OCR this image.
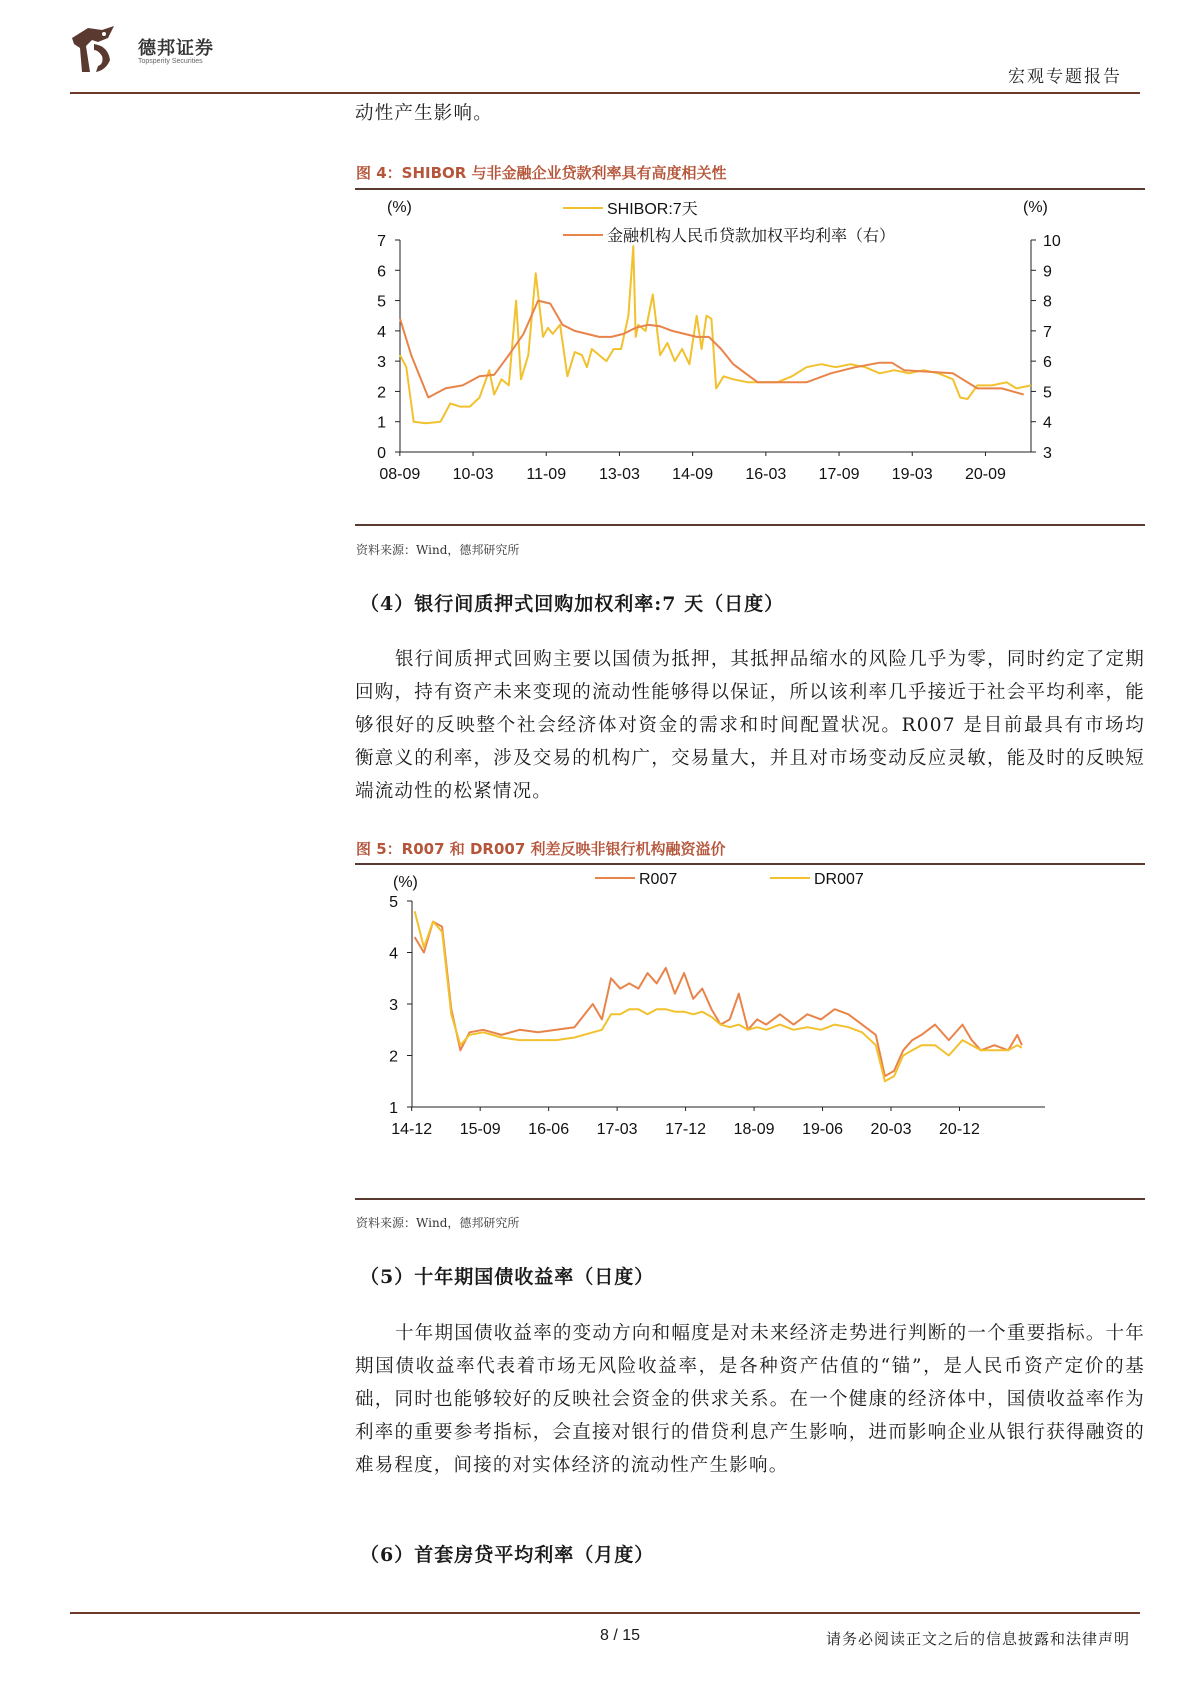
德邦证券
Topsperity Securities
宏观专题报告
动性产生影响。
图 4：SHIBOR 与非金融企业贷款利率具有高度相关性
0
1
2
3
4
5
6
7
3
4
5
6
7
8
9
10
08-09 10-03 11-09 13-03 14-09 16-03 17-09 19-03 20-09
(%)	(%)
SHIBOR:7天
金融机构人民币贷款加权平均利率（右）
资料来源：Wind，德邦研究所
（4）银行间质押式回购加权利率:7 天（日度）
银行间质押式回购主要以国债为抵押，其抵押品缩水的风险几乎为零，同时约定了定期回购，持有资产未来变现的流动性能够得以保证，所以该利率几乎接近于社会平均利率，能够很好的反映整个社会经济体对资金的需求和时间配置状况。R007 是目前最具有市场均衡意义的利率，涉及交易的机构广，交易量大，并且对市场变动反应灵敏，能及时的反映短端流动性的松紧情况。
图 5：R007 和 DR007 利差反映非银行机构融资溢价
1
2
3
4
5
14-12 15-09 16-06 17-03 17-12 18-09 19-06 20-03 20-12
(%)	R007	DR007
资料来源：Wind，德邦研究所
（5）十年期国债收益率（日度）
十年期国债收益率的变动方向和幅度是对未来经济走势进行判断的一个重要指标。十年期国债收益率代表着市场无风险收益率，是各种资产估值的“锚”，是人民币资产定价的基础，同时也能够较好的反映社会资金的供求关系。在一个健康的经济体中，国债收益率作为利率的重要参考指标，会直接对银行的借贷利息产生影响，进而影响企业从银行获得融资的难易程度，间接的对实体经济的流动性产生影响。
（6）首套房贷平均利率（月度）
8 / 15	请务必阅读正文之后的信息披露和法律声明
